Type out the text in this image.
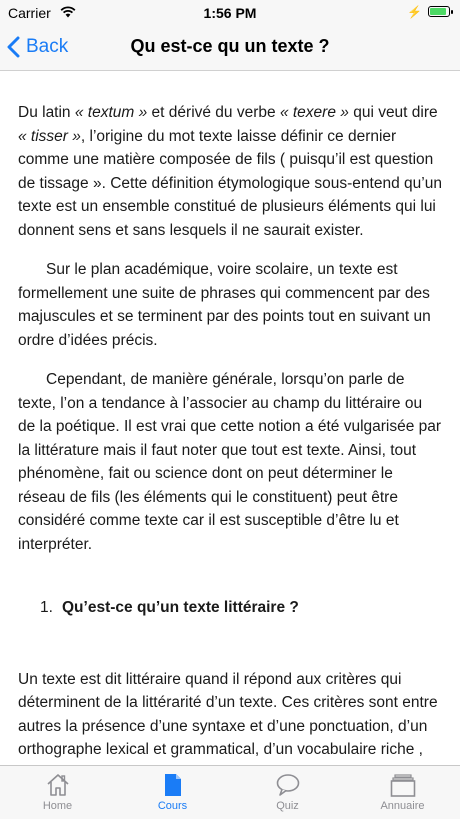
Carrier	1:56 PM	⚡
Back	Qu est-ce qu un texte ?

Du latin « textum » et dérivé du verbe « texere » qui veut dire « tisser », l’origine du mot texte laisse définir ce dernier comme une matière composée de fils ( puisqu’il est question de tissage ». Cette définition étymologique sous-entend qu’un texte est un ensemble constitué de plusieurs éléments qui lui donnent sens et sans lesquels il ne saurait exister.

Sur le plan académique, voire scolaire, un texte est formellement une suite de phrases qui commencent par des majuscules et se terminent par des points tout en suivant un ordre d’idées précis.

Cependant, de manière générale, lorsqu’on parle de texte, l’on a tendance à l’associer au champ du littéraire ou de la poétique. Il est vrai que cette notion a été vulgarisée par la littérature mais il faut noter que tout est texte. Ainsi, tout phénomène, fait ou science dont on peut déterminer le réseau de fils (les éléments qui le constituent) peut être considéré comme texte car il est susceptible d’être lu et interpréter.

1. Qu’est-ce qu’un texte littéraire ?

Un texte est dit littéraire quand il répond aux critères qui déterminent de la littérarité d’un texte. Ces critères sont entre autres la présence d’une syntaxe et d’une ponctuation, d’un orthographe lexical et grammatical, d’un vocabulaire riche ,

Home	Cours	Quiz	Annuaire
